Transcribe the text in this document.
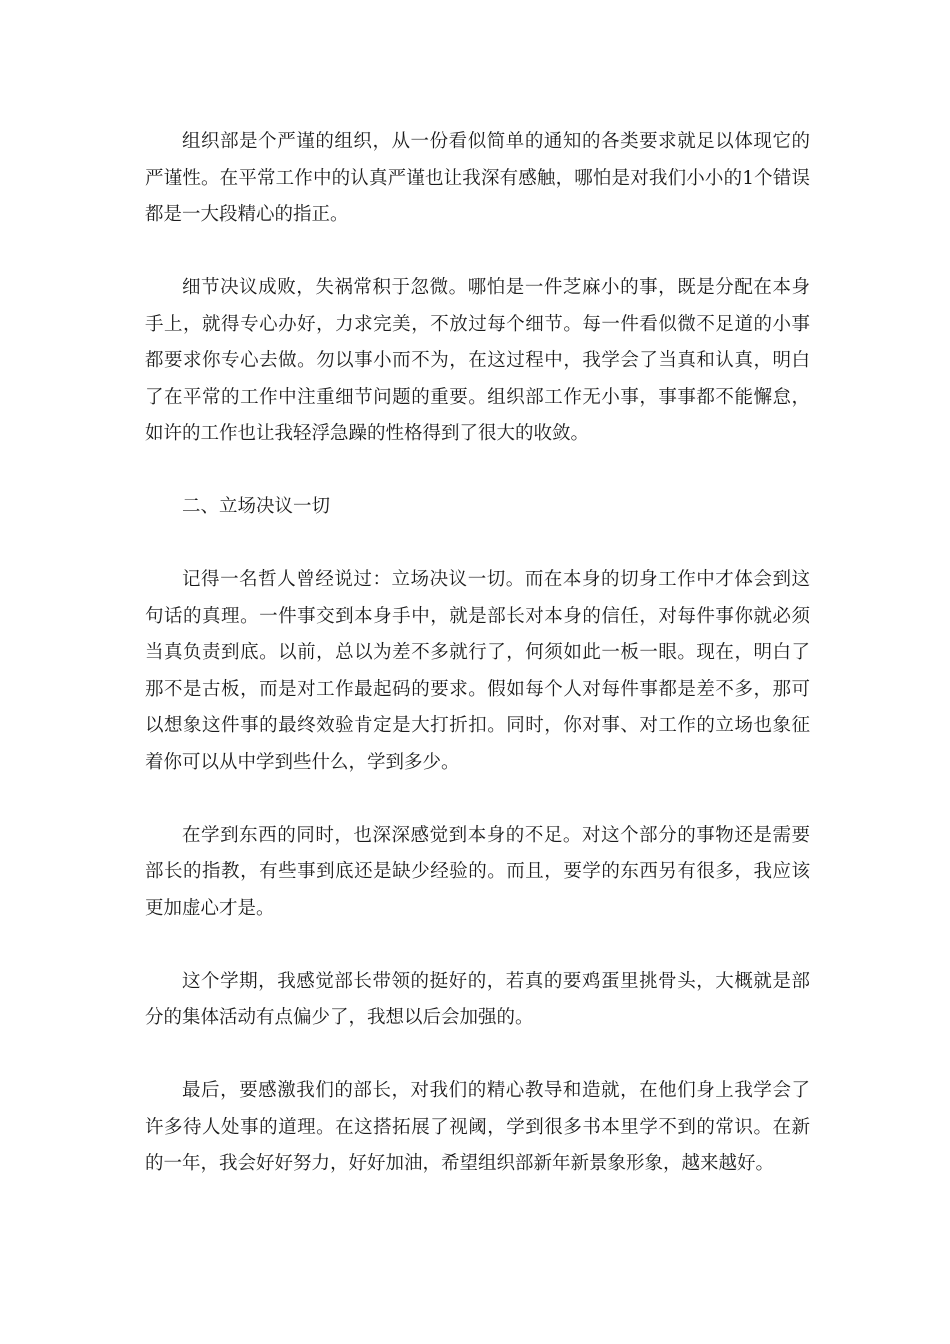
组织部是个严谨的组织，从一份看似简单的通知的各类要求就足以体现它的严谨性。在平常工作中的认真严谨也让我深有感触，哪怕是对我们小小的1个错误都是一大段精心的指正。

细节决议成败，失祸常积于忽微。哪怕是一件芝麻小的事，既是分配在本身手上，就得专心办好，力求完美，不放过每个细节。每一件看似微不足道的小事都要求你专心去做。勿以事小而不为，在这过程中，我学会了当真和认真，明白了在平常的工作中注重细节问题的重要。组织部工作无小事，事事都不能懈怠，如许的工作也让我轻浮急躁的性格得到了很大的收敛。

二、立场决议一切

记得一名哲人曾经说过：立场决议一切。而在本身的切身工作中才体会到这句话的真理。一件事交到本身手中，就是部长对本身的信任，对每件事你就必须当真负责到底。以前，总以为差不多就行了，何须如此一板一眼。现在，明白了那不是古板，而是对工作最起码的要求。假如每个人对每件事都是差不多，那可以想象这件事的最终效验肯定是大打折扣。同时，你对事、对工作的立场也象征着你可以从中学到些什么，学到多少。

在学到东西的同时，也深深感觉到本身的不足。对这个部分的事物还是需要部长的指教，有些事到底还是缺少经验的。而且，要学的东西另有很多，我应该更加虚心才是。

这个学期，我感觉部长带领的挺好的，若真的要鸡蛋里挑骨头，大概就是部分的集体活动有点偏少了，我想以后会加强的。

最后，要感激我们的部长，对我们的精心教导和造就，在他们身上我学会了许多待人处事的道理。在这搭拓展了视阈，学到很多书本里学不到的常识。在新的一年，我会好好努力，好好加油，希望组织部新年新景象形象，越来越好。
